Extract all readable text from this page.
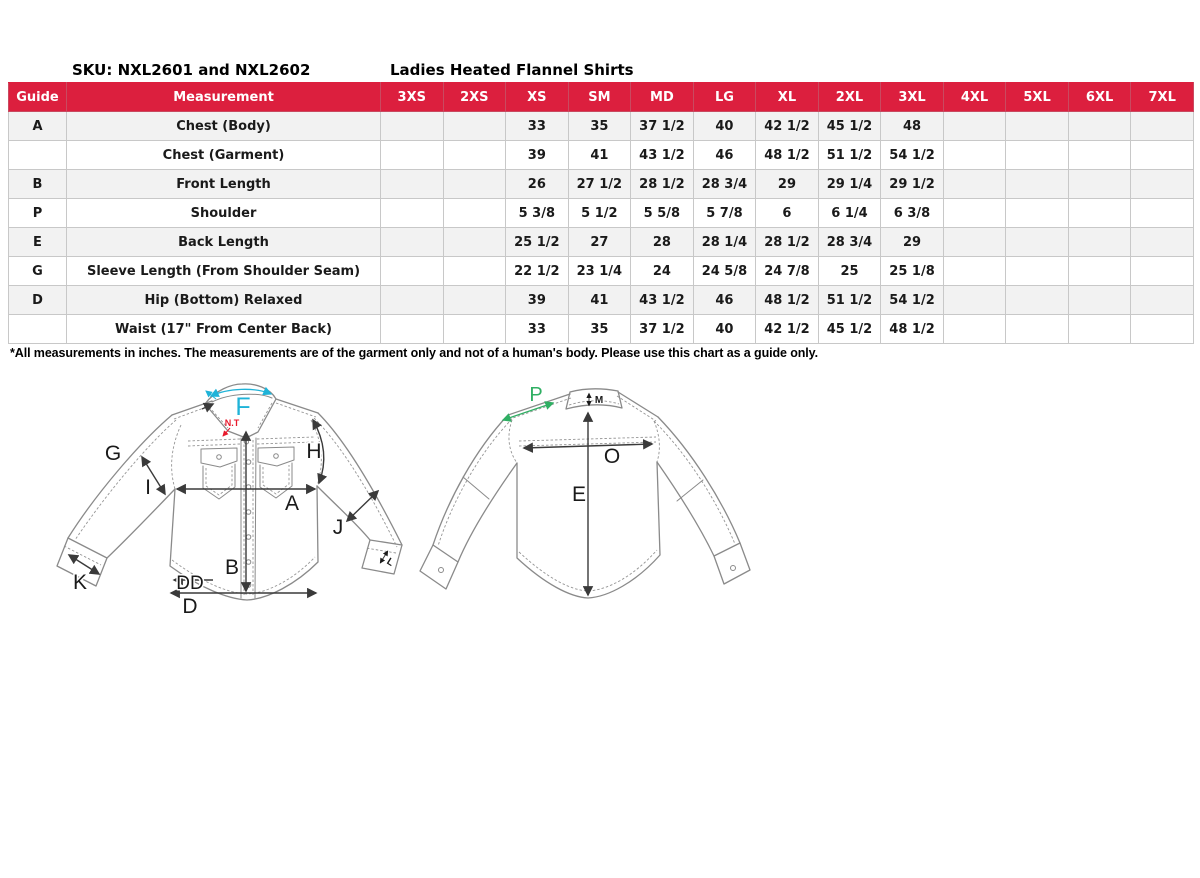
SKU: NXL2601 and NXL2602	Ladies Heated Flannel Shirts
Guide	Measurement	3XS	2XS	XS	SM	MD	LG	XL	2XL	3XL	4XL	5XL	6XL	7XL
A	Chest (Body)			33	35	37 1/2	40	42 1/2	45 1/2	48				
	Chest (Garment)			39	41	43 1/2	46	48 1/2	51 1/2	54 1/2				
B	Front Length			26	27 1/2	28 1/2	28 3/4	29	29 1/4	29 1/2				
P	Shoulder			5 3/8	5 1/2	5 5/8	5 7/8	6	6 1/4	6 3/8				
E	Back Length			25 1/2	27	28	28 1/4	28 1/2	28 3/4	29				
G	Sleeve Length (From Shoulder Seam)			22 1/2	23 1/4	24	24 5/8	24 7/8	25	25 1/8				
D	Hip (Bottom) Relaxed			39	41	43 1/2	46	48 1/2	51 1/2	54 1/2				
	Waist (17" From Center Back)			33	35	37 1/2	40	42 1/2	45 1/2	48 1/2				
*All measurements in inches. The measurements are of the garment only and not of a human's body. Please use this chart as a guide only.
L
F
N.T
G
I
H
A
J
B
K	DD
D
M
P
O
E
